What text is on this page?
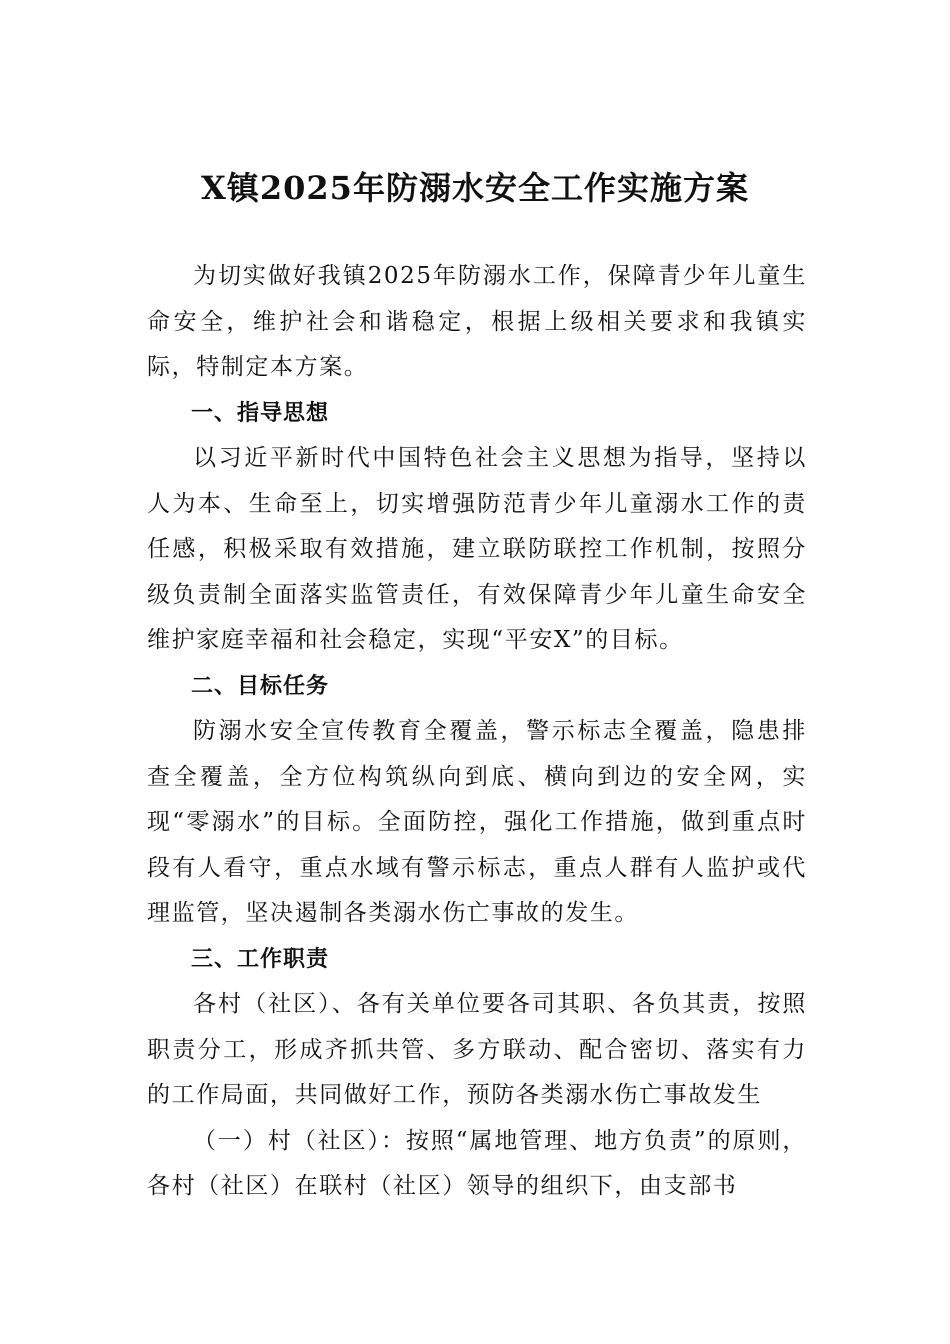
X镇2025年防溺水安全工作实施方案

为切实做好我镇2025年防溺水工作，保障青少年儿童生命安全，维护社会和谐稳定，根据上级相关要求和我镇实际，特制定本方案。

一、指导思想

以习近平新时代中国特色社会主义思想为指导，坚持以人为本、生命至上，切实增强防范青少年儿童溺水工作的责任感，积极采取有效措施，建立联防联控工作机制，按照分级负责制全面落实监管责任，有效保障青少年儿童生命安全维护家庭幸福和社会稳定，实现“平安X”的目标。

二、目标任务

防溺水安全宣传教育全覆盖，警示标志全覆盖，隐患排查全覆盖，全方位构筑纵向到底、横向到边的安全网，实现“零溺水”的目标。全面防控，强化工作措施，做到重点时段有人看守，重点水域有警示标志，重点人群有人监护或代理监管，坚决遏制各类溺水伤亡事故的发生。

三、工作职责

各村（社区）、各有关单位要各司其职、各负其责，按照职责分工，形成齐抓共管、多方联动、配合密切、落实有力的工作局面，共同做好工作，预防各类溺水伤亡事故发生

（一）村（社区）：按照“属地管理、地方负责”的原则，各村（社区）在联村（社区）领导的组织下，由支部书
